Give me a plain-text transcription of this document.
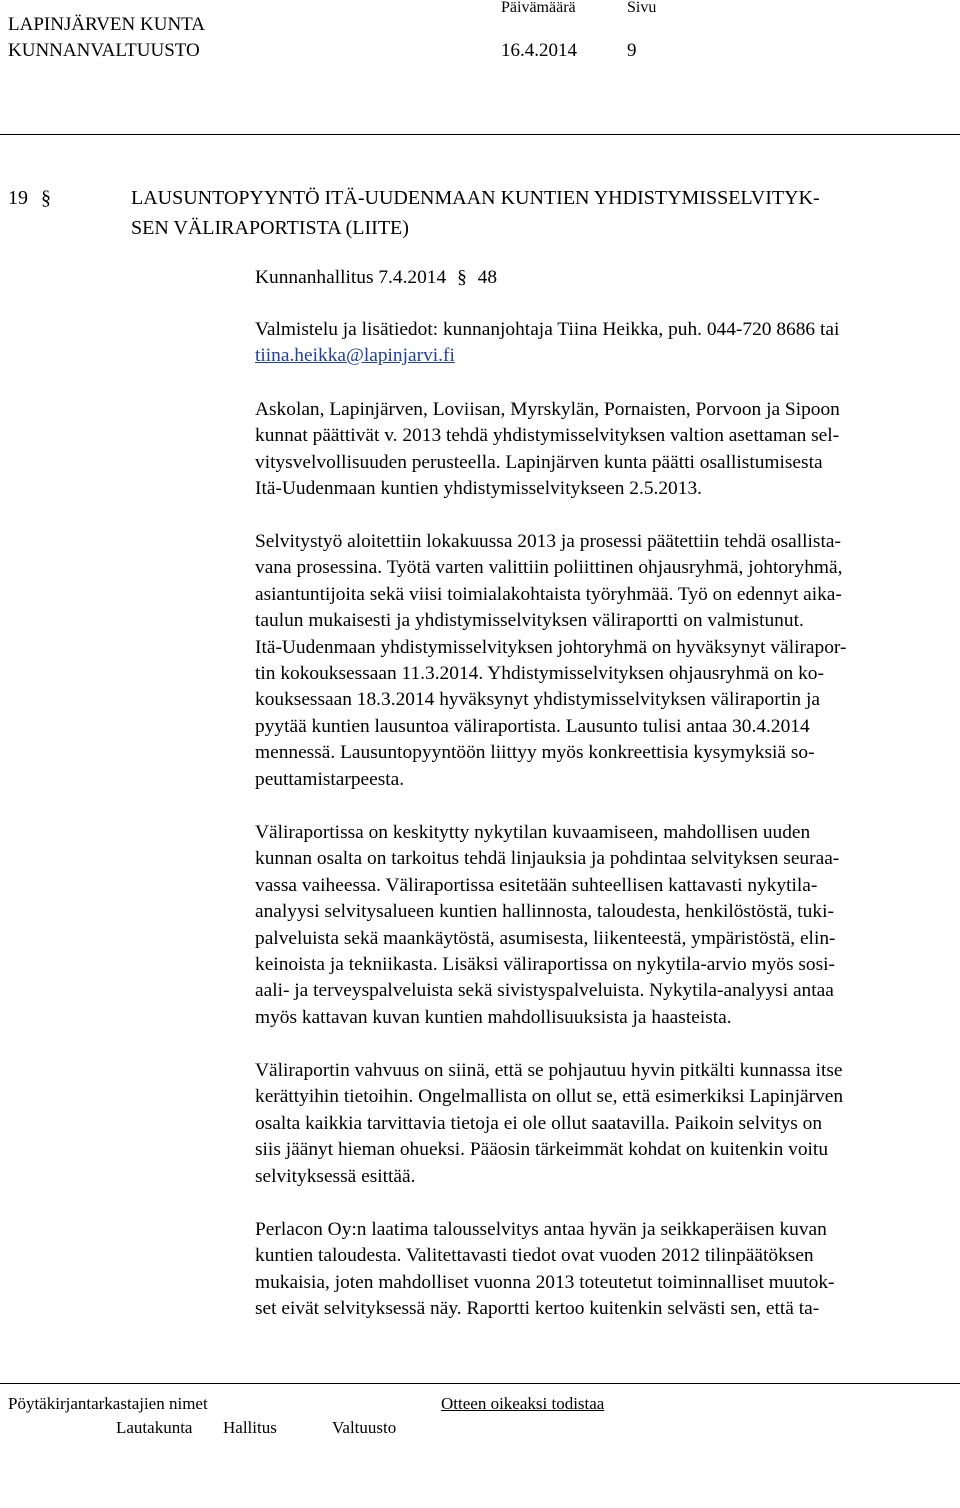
LAPINJÄRVEN KUNTA
KUNNANVALTUUSTO
Päivämäärä	Sivu
16.4.2014	9
19 §	LAUSUNTOPYYNTÖ ITÄ-UUDENMAAN KUNTIEN YHDISTYMISSELVITYK-
SEN VÄLIRAPORTISTA (LIITE)
Kunnanhallitus 7.4.2014 § 48
Valmistelu ja lisätiedot: kunnanjohtaja Tiina Heikka, puh. 044-720 8686 tai
tiina.heikka@lapinjarvi.fi
Askolan, Lapinjärven, Loviisan, Myrskylän, Pornaisten, Porvoon ja Sipoon
kunnat päättivät v. 2013 tehdä yhdistymisselvityksen valtion asettaman sel-
vitysvelvollisuuden perusteella. Lapinjärven kunta päätti osallistumisesta
Itä-Uudenmaan kuntien yhdistymisselvitykseen 2.5.2013.
Selvitystyö aloitettiin lokakuussa 2013 ja prosessi päätettiin tehdä osallista-
vana prosessina. Työtä varten valittiin poliittinen ohjausryhmä, johtoryhmä,
asiantuntijoita sekä viisi toimialakohtaista työryhmää. Työ on edennyt aika-
taulun mukaisesti ja yhdistymisselvityksen väliraportti on valmistunut.
Itä-Uudenmaan yhdistymisselvityksen johtoryhmä on hyväksynyt välirapor-
tin kokouksessaan 11.3.2014. Yhdistymisselvityksen ohjausryhmä on ko-
kouksessaan 18.3.2014 hyväksynyt yhdistymisselvityksen väliraportin ja
pyytää kuntien lausuntoa väliraportista. Lausunto tulisi antaa 30.4.2014
mennessä. Lausuntopyyntöön liittyy myös konkreettisia kysymyksiä so-
peuttamistarpeesta.
Väliraportissa on keskitytty nykytilan kuvaamiseen, mahdollisen uuden
kunnan osalta on tarkoitus tehdä linjauksia ja pohdintaa selvityksen seuraa-
vassa vaiheessa. Väliraportissa esitetään suhteellisen kattavasti nykytila-
analyysi selvitysalueen kuntien hallinnosta, taloudesta, henkilöstöstä, tuki-
palveluista sekä maankäytöstä, asumisesta, liikenteestä, ympäristöstä, elin-
keinoista ja tekniikasta. Lisäksi väliraportissa on nykytila-arvio myös sosi-
aali- ja terveyspalveluista sekä sivistyspalveluista. Nykytila-analyysi antaa
myös kattavan kuvan kuntien mahdollisuuksista ja haasteista.
Väliraportin vahvuus on siinä, että se pohjautuu hyvin pitkälti kunnassa itse
kerättyihin tietoihin. Ongelmallista on ollut se, että esimerkiksi Lapinjärven
osalta kaikkia tarvittavia tietoja ei ole ollut saatavilla. Paikoin selvitys on
siis jäänyt hieman ohueksi. Pääosin tärkeimmät kohdat on kuitenkin voitu
selvityksessä esittää.
Perlacon Oy:n laatima talousselvitys antaa hyvän ja seikkaperäisen kuvan
kuntien taloudesta. Valitettavasti tiedot ovat vuoden 2012 tilinpäätöksen
mukaisia, joten mahdolliset vuonna 2013 toteutetut toiminnalliset muutok-
set eivät selvityksessä näy. Raportti kertoo kuitenkin selvästi sen, että ta-
Pöytäkirjantarkastajien nimet	Otteen oikeaksi todistaa
Lautakunta Hallitus	Valtuusto
